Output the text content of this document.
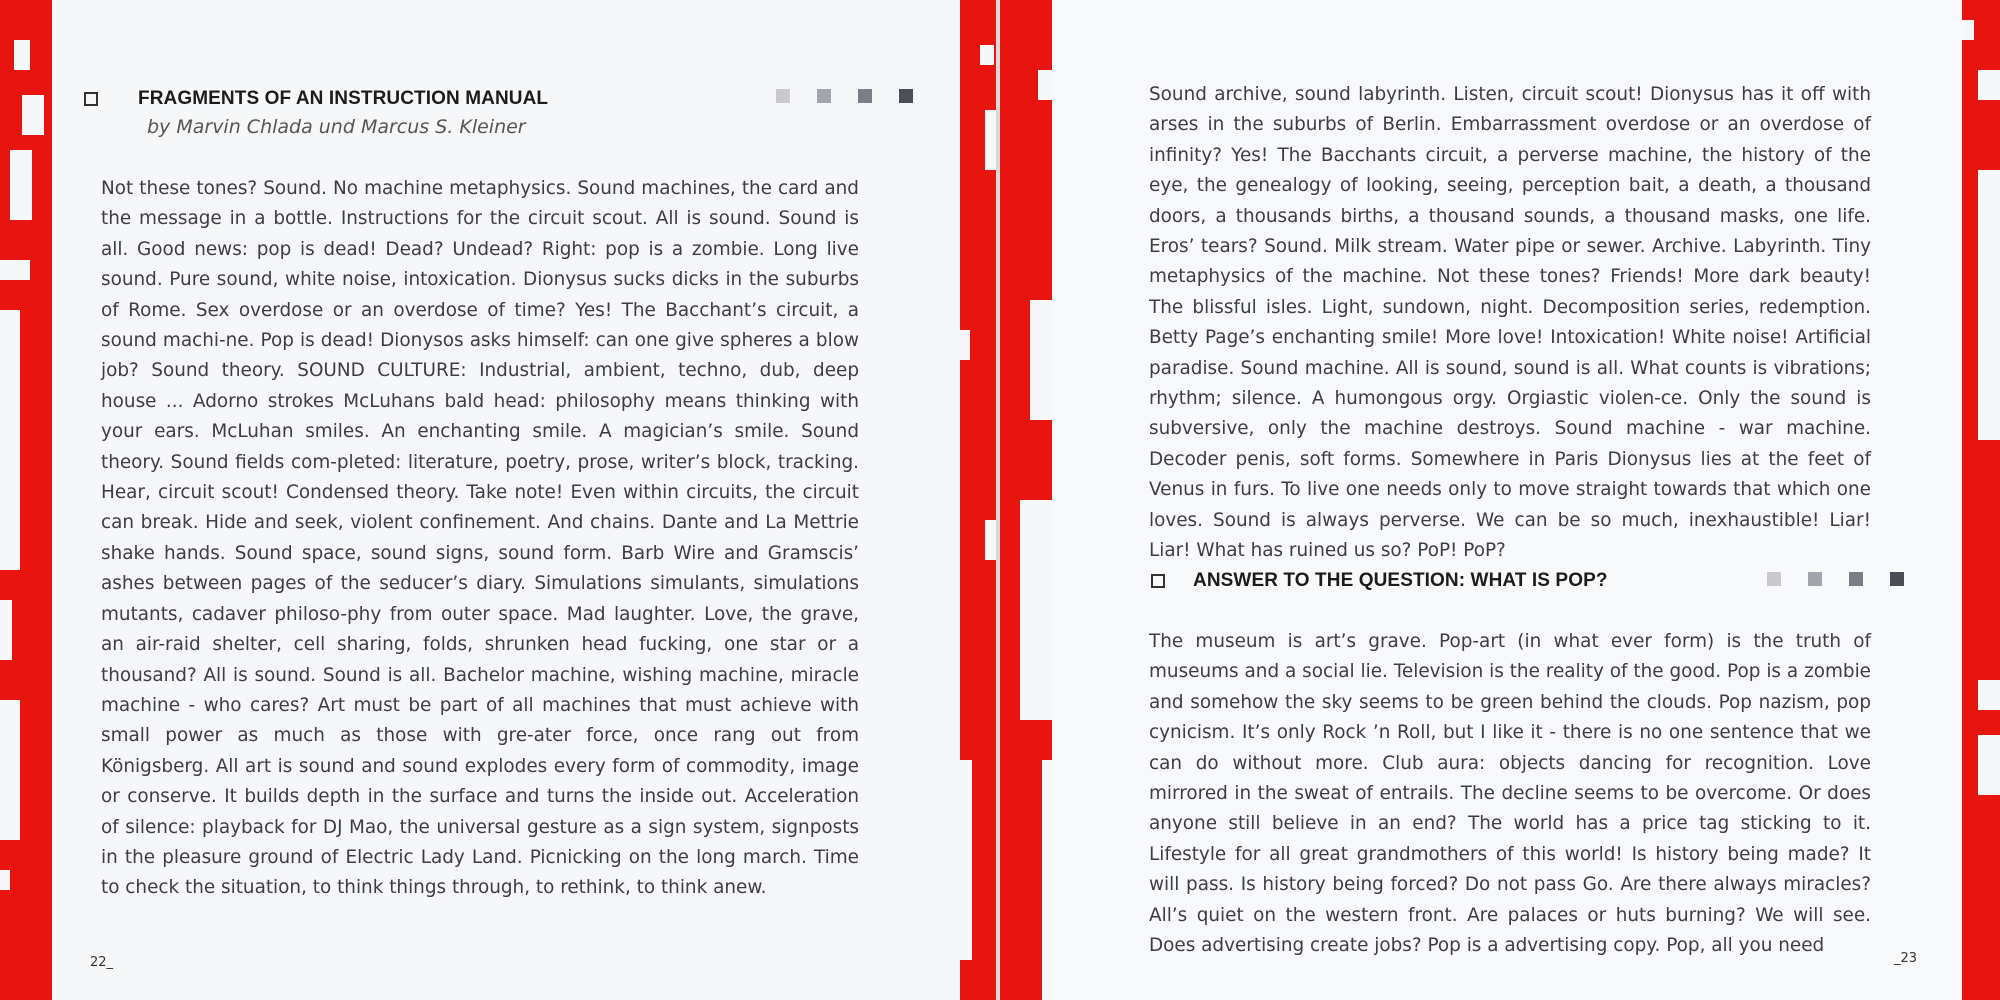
FRAGMENTS OF AN INSTRUCTION MANUAL
by Marvin Chlada und Marcus S. Kleiner

Not these tones? Sound. No machine metaphysics. Sound machines, the card and the message in a bottle. Instructions for the circuit scout. All is sound. Sound is all. Good news: pop is dead! Dead? Undead? Right: pop is a zombie. Long live sound. Pure sound, white noise, intoxication. Dionysus sucks dicks in the suburbs of Rome. Sex overdose or an overdose of time? Yes! The Bacchant’s circuit, a sound machi-ne. Pop is dead! Dionysos asks himself: can one give spheres a blow job? Sound theory. SOUND CULTURE: Industrial, ambient, techno, dub, deep house ... Adorno strokes McLuhans bald head: philosophy means thinking with your ears. McLuhan smiles. An enchanting smile. A magician’s smile. Sound theory. Sound fields com-pleted: literature, poetry, prose, writer’s block, tracking. Hear, circuit scout! Condensed theory. Take note! Even within circuits, the circuit can break. Hide and seek, violent confinement. And chains. Dante and La Mettrie shake hands. Sound space, sound signs, sound form. Barb Wire and Gramscis’ ashes between pages of the seducer’s diary. Simulations simulants, simulations mutants, cadaver philoso-phy from outer space. Mad laughter. Love, the grave, an air-raid shelter, cell sharing, folds, shrunken head fucking, one star or a thousand? All is sound. Sound is all. Bachelor machine, wishing machine, miracle machine - who cares? Art must be part of all machines that must achieve with small power as much as those with gre-ater force, once rang out from Königsberg. All art is sound and sound explodes every form of commodity, image or conserve. It builds depth in the surface and turns the inside out. Acceleration of silence: playback for DJ Mao, the universal gesture as a sign system, signposts in the pleasure ground of Electric Lady Land. Picnicking on the long march. Time to check the situation, to think things through, to rethink, to think anew.

22_

Sound archive, sound labyrinth. Listen, circuit scout! Dionysus has it off with arses in the suburbs of Berlin. Embarrassment overdose or an overdose of infinity? Yes! The Bacchants circuit, a perverse machine, the history of the eye, the genealogy of looking, seeing, perception bait, a death, a thousand doors, a thousands births, a thousand sounds, a thousand masks, one life. Eros’ tears? Sound. Milk stream. Water pipe or sewer. Archive. Labyrinth. Tiny metaphysics of the machine. Not these tones? Friends! More dark beauty! The blissful isles. Light, sundown, night. Decomposition series, redemption. Betty Page’s enchanting smile! More love! Intoxication! White noise! Artificial paradise. Sound machine. All is sound, sound is all. What counts is vibrations; rhythm; silence. A humongous orgy. Orgiastic violen-ce. Only the sound is subversive, only the machine destroys. Sound machine - war machine. Decoder penis, soft forms. Somewhere in Paris Dionysus lies at the feet of Venus in furs. To live one needs only to move straight towards that which one loves. Sound is always perverse. We can be so much, inexhaustible! Liar! Liar! What has ruined us so? PoP! PoP?

ANSWER TO THE QUESTION: WHAT IS POP?

The museum is art’s grave. Pop-art (in what ever form) is the truth of museums and a social lie. Television is the reality of the good. Pop is a zombie and somehow the sky seems to be green behind the clouds. Pop nazism, pop cynicism. It’s only Rock ’n Roll, but I like it - there is no one sentence that we can do without more. Club aura: objects dancing for recognition. Love mirrored in the sweat of entrails. The decline seems to be overcome. Or does anyone still believe in an end? The world has a price tag sticking to it. Lifestyle for all great grandmothers of this world! Is history being made? It will pass. Is history being forced? Do not pass Go. Are there always miracles? All’s quiet on the western front. Are palaces or huts burning? We will see. Does advertising create jobs? Pop is a advertising copy. Pop, all you need

_23
